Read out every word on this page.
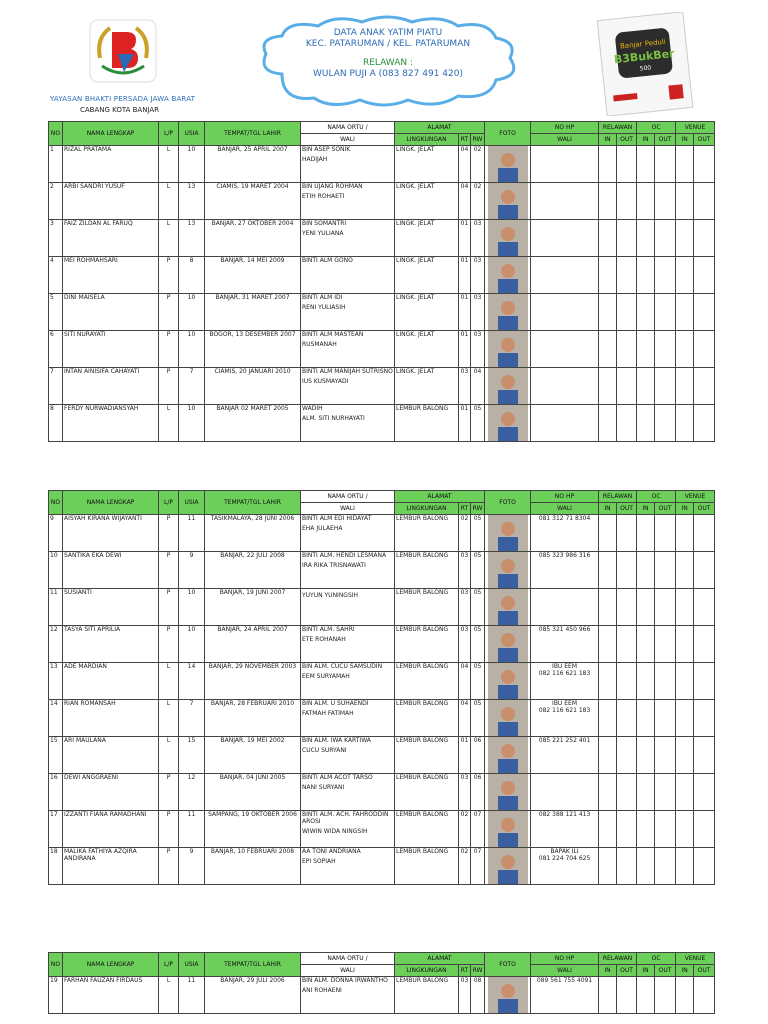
YAYASAN BHAKTI PERSADA JAWA BARAT
CABANG KOTA BANJAR
DATA ANAK YATIM PIATU
KEC. PATARUMAN / KEL. PATARUMAN
RELAWAN :
WULAN PUJI A (083 827 491 420)
Banjar Peduli
B3BukBer
500
NO	NAMA LENGKAP	L/P	USIA	TEMPAT/TGL LAHIR	NAMA ORTU /	ALAMAT			FOTO	NO HP	RELAWAN		OC		VENUE	
					WALI	LINGKUNGAN	RT	RW		WALI	IN	OUT	IN	OUT	IN	OUT
1	RIZAL PRATAMA	L	10	BANJAR, 25 APRIL 2007	BIN ASEP SONIK
HADIJAH	LINGK. JELAT	04	02	

2	ARBI SANDRI YUSUF	L	13	CIAMIS, 19 MARET 2004	BIN UJANG ROHMAN
ETIH ROHAETI	LINGK. JELAT	04	02	

3	FAIZ ZILDAN AL FARUQ	L	13	BANJAR, 27 OKTOBER 2004	BIN SOMANTRI
YENI YULIANA	LINGK. JELAT	01	03	

4	MEI ROHMAHSARI	P	8	BANJAR, 14 MEI 2009	BINTI ALM GONO	LINGK. JELAT	01	03	

5	DINI MAISELA	P	10	BANJAR, 31 MARET 2007	BINTI ALM IDI
RENI YULIASIH	LINGK. JELAT	01	03	

6	SITI NURAYATI	P	10	BOGOR, 13 DESEMBER 2007	BINTI ALM MASTEAN
RUSMANAH	LINGK. JELAT	01	03	

7	INTAN AINISIFA CAHAYATI	P	7	CIAMIS, 20 JANUARI 2010	BINTI ALM MANIJAH SUTRISNO
IUS KUSMAYADI	LINGK. JELAT	03	04	

8	FERDY NURWADIANSYAH	L	10	BANJAR 02 MARET 2005	WADIH
ALM. SITI NURHAYATI	LEMBUR BALONG	01	05	

NO	NAMA LENGKAP	L/P	USIA	TEMPAT/TGL LAHIR	NAMA ORTU /	ALAMAT			FOTO	NO HP	RELAWAN		OC		VENUE	
					WALI	LINGKUNGAN	RT	RW		WALI	IN	OUT	IN	OUT	IN	OUT
9	AISYAH KIRANA WIJAYANTI	P	11	TASIKMALAYA, 28 JUNI 2006	BINTI ALM EDI HIDAYAT
EHA JULAEHA	LEMBUR BALONG	02	05		081 312 71 8304						
10	SANTIKA EKA DEWI	P	9	BANJAR, 22 JULI 2008	BINTI ALM. HENDI LESMANA
IRA RIKA TRISNAWATI	LEMBUR BALONG	03	05		085 323 986 316						
11	SUSIANTI	P	10	BANJAR, 19 JUNI 2007	YUYUN YUNINGSIH	LEMBUR BALONG	03	05	

12	TASYA SITI APRILIA	P	10	BANJAR, 24 APRIL 2007	BINTI ALM. SAHRI
ETE ROHANAH	LEMBUR BALONG	03	05		085 321 450 966						
13	ADE MARDIAN	L	14	BANJAR, 29 NOVEMBER 2003	BIN ALM. CUCU SAMSUDIN
EEM SURYAMAH	LEMBUR BALONG	04	05		IBU EEM
082 116 621 183						
14	RIAN ROMANSAH	L	7	BANJAR, 28 FEBRUARI 2010	BIN ALM. U SUHAENDI
FATMAH FATIMAH	LEMBUR BALONG	04	05		IBU EEM
082 116 621 183						
15	ARI MAULANA	L	15	BANJAR, 19 MEI 2002	BIN ALM. IWA KARTIWA
CUCU SURYANI	LEMBUR BALONG	01	06		085 221 252 401						
16	DEWI ANGGRAENI	P	12	BANJAR, 04 JUNI 2005	BINTI ALM ACOT TARSO
NANI SURYANI	LEMBUR BALONG	03	06	

17	IZZANTI FIANA RAMADHANI	P	11	SAMPANG, 19 OKTOBER 2006	BINTI ALM. ACH. FAHRODDIN AROSI
WIWIN WIDA NINGSIH	LEMBUR BALONG	02	07		082 388 121 413						
18	MALIKA FATHIYA AZQIRA ANDIRANA	P	9	BANJAR, 10 FEBRUARI 2008	AA TONI ANDRIANA
EPI SOPIAH	LEMBUR BALONG	02	07		BAPAK ILI
081 224 704 625						
NO	NAMA LENGKAP	L/P	USIA	TEMPAT/TGL LAHIR	NAMA ORTU /	ALAMAT			FOTO	NO HP	RELAWAN		OC		VENUE	
					WALI	LINGKUNGAN	RT	RW		WALI	IN	OUT	IN	OUT	IN	OUT
19	FARHAN FAUZAN FIRDAUS	L	11	BANJAR, 29 JULI 2006	BIN ALM. DONNA IRWANTHO
ANI ROHAENI	LEMBUR BALONG	03	08		089 561 755 4091						
